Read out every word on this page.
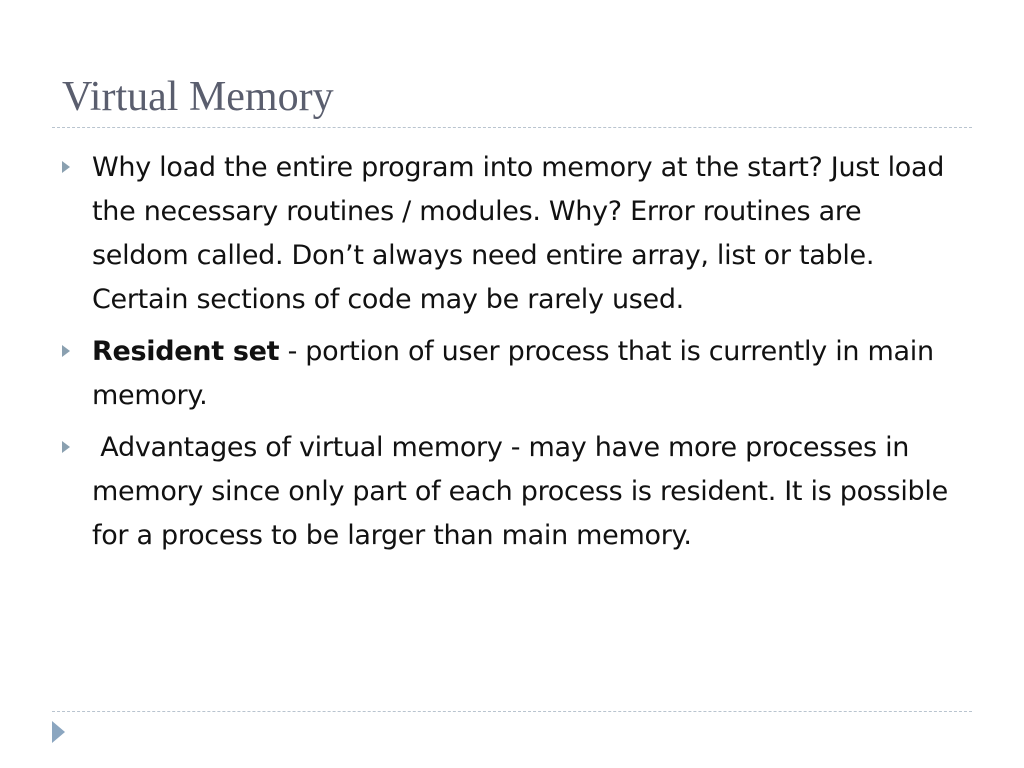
Virtual Memory
Why load the entire program into memory at the start? Just load the necessary routines / modules. Why? Error routines are seldom called. Don’t always need entire array, list or table. Certain sections of code may be rarely used.
Resident set - portion of user process that is currently in main memory.
Advantages of virtual memory - may have more processes in memory since only part of each process is resident. It is possible for a process to be larger than main memory.
